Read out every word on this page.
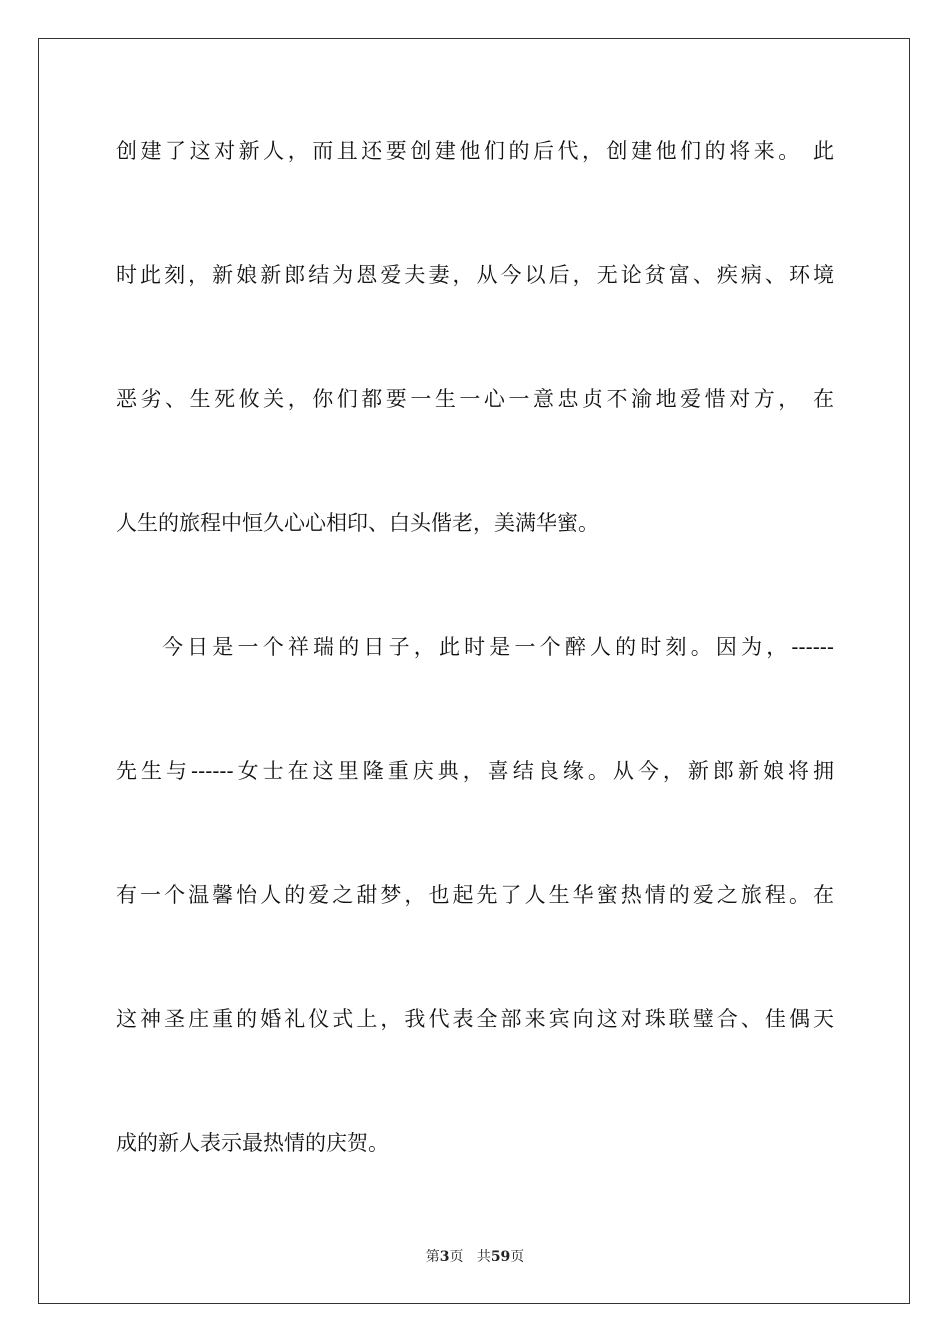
创建了这对新人，而且还要创建他们的后代，创建他们的将来。 此
时此刻，新娘新郎结为恩爱夫妻，从今以后，无论贫富、疾病、环境
恶劣、生死攸关，你们都要一生一心一意忠贞不渝地爱惜对方， 在
人生的旅程中恒久心心相印、白头偕老，美满华蜜。
今日是一个祥瑞的日子，此时是一个醉人的时刻。因为，------
先生与------女士在这里隆重庆典，喜结良缘。从今，新郎新娘将拥
有一个温馨怡人的爱之甜梦，也起先了人生华蜜热情的爱之旅程。在
这神圣庄重的婚礼仪式上，我代表全部来宾向这对珠联璧合、佳偶天
成的新人表示最热情的庆贺。
第3页 共59页
